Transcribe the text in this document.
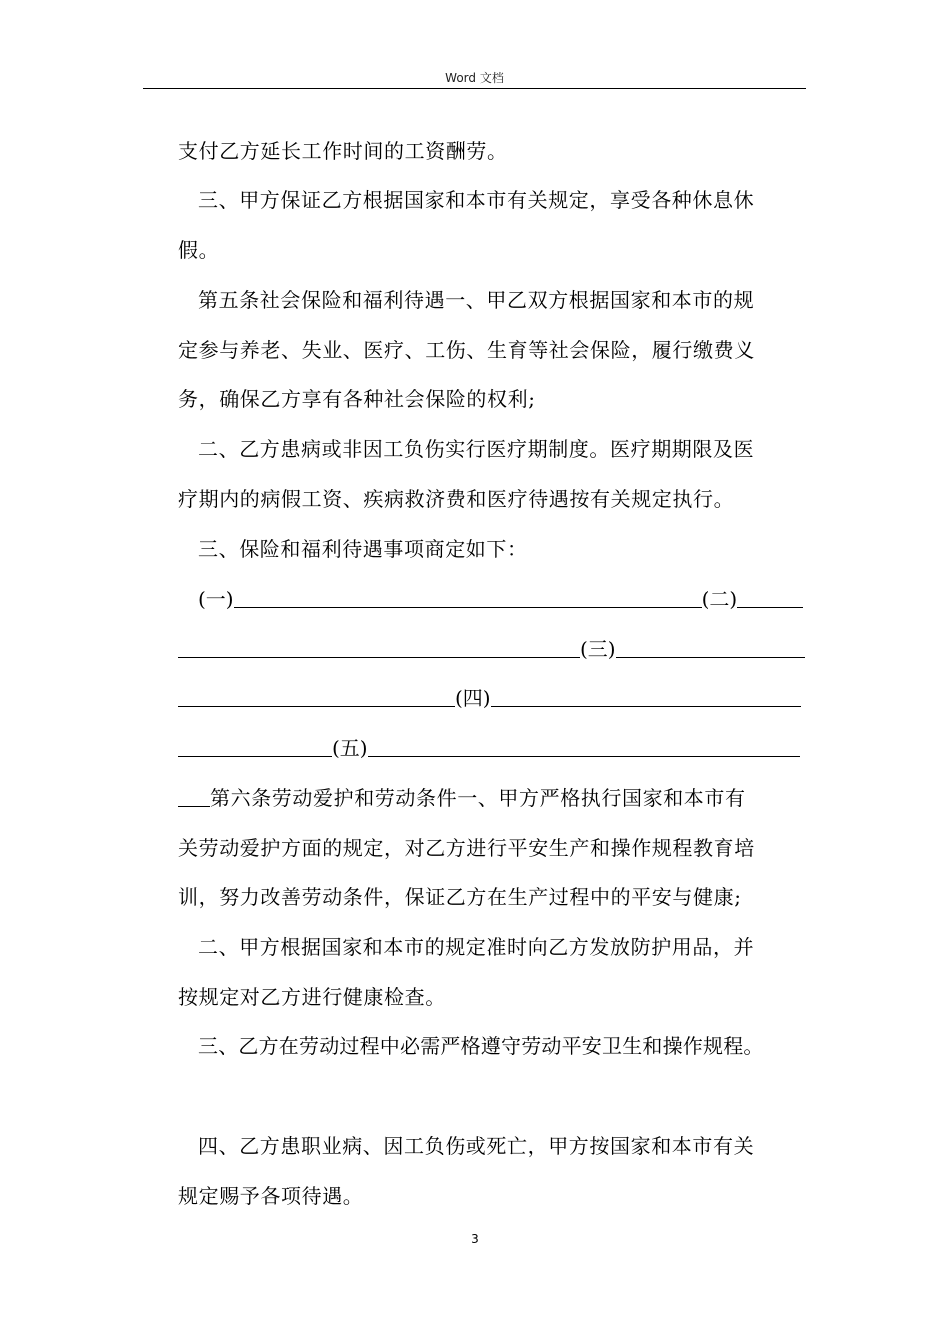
Word 文档
支付乙方延长工作时间的工资酬劳。
三、甲方保证乙方根据国家和本市有关规定，享受各种休息休
假。
第五条社会保险和福利待遇一、甲乙双方根据国家和本市的规
定参与养老、失业、医疗、工伤、生育等社会保险，履行缴费义
务，确保乙方享有各种社会保险的权利;
二、乙方患病或非因工负伤实行医疗期制度。医疗期期限及医
疗期内的病假工资、疾病救济费和医疗待遇按有关规定执行。
三、保险和福利待遇事项商定如下：
(一)	(二)
(三)
(四)
(五)
第六条劳动爱护和劳动条件一、甲方严格执行国家和本市有
关劳动爱护方面的规定，对乙方进行平安生产和操作规程教育培
训，努力改善劳动条件，保证乙方在生产过程中的平安与健康;
二、甲方根据国家和本市的规定准时向乙方发放防护用品，并
按规定对乙方进行健康检查。
三、乙方在劳动过程中必需严格遵守劳动平安卫生和操作规程。
四、乙方患职业病、因工负伤或死亡，甲方按国家和本市有关
规定赐予各项待遇。
3
